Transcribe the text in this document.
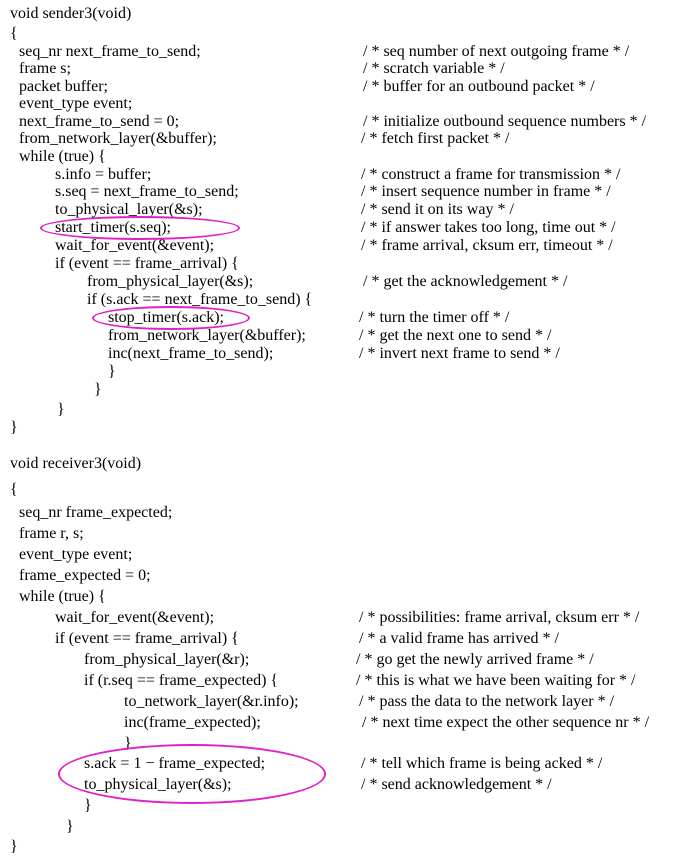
void sender3(void)
{
seq_nr next_frame_to_send;	/ * seq number of next outgoing frame * /
frame s;	/ * scratch variable * /
packet buffer;	/ * buffer for an outbound packet * /
event_type event;
next_frame_to_send = 0;	/ * initialize outbound sequence numbers * /
from_network_layer(&buffer);	/ * fetch first packet * /
while (true) {
s.info = buffer;	/ * construct a frame for transmission * /
s.seq = next_frame_to_send;	/ * insert sequence number in frame * /
to_physical_layer(&s);	/ * send it on its way * /
start_timer(s.seq);	/ * if answer takes too long, time out * /
wait_for_event(&event);	/ * frame arrival, cksum err, timeout * /
if (event == frame_arrival) {
from_physical_layer(&s);	/ * get the acknowledgement * /
if (s.ack == next_frame_to_send) {
stop_timer(s.ack);	/ * turn the timer off * /
from_network_layer(&buffer);	/ * get the next one to send * /
inc(next_frame_to_send);	/ * invert next frame to send * /
}
}
}
}
void receiver3(void)
{
seq_nr frame_expected;
frame r, s;
event_type event;
frame_expected = 0;
while (true) {
wait_for_event(&event);	/ * possibilities: frame arrival, cksum err * /
if (event == frame_arrival) {	/ * a valid frame has arrived * /
from_physical_layer(&r);	/ * go get the newly arrived frame * /
if (r.seq == frame_expected) {	/ * this is what we have been waiting for * /
to_network_layer(&r.info);	/ * pass the data to the network layer * /
inc(frame_expected);	/ * next time expect the other sequence nr * /
}
s.ack = 1 − frame_expected;	/ * tell which frame is being acked * /
to_physical_layer(&s);	/ * send acknowledgement * /
}
}
}
